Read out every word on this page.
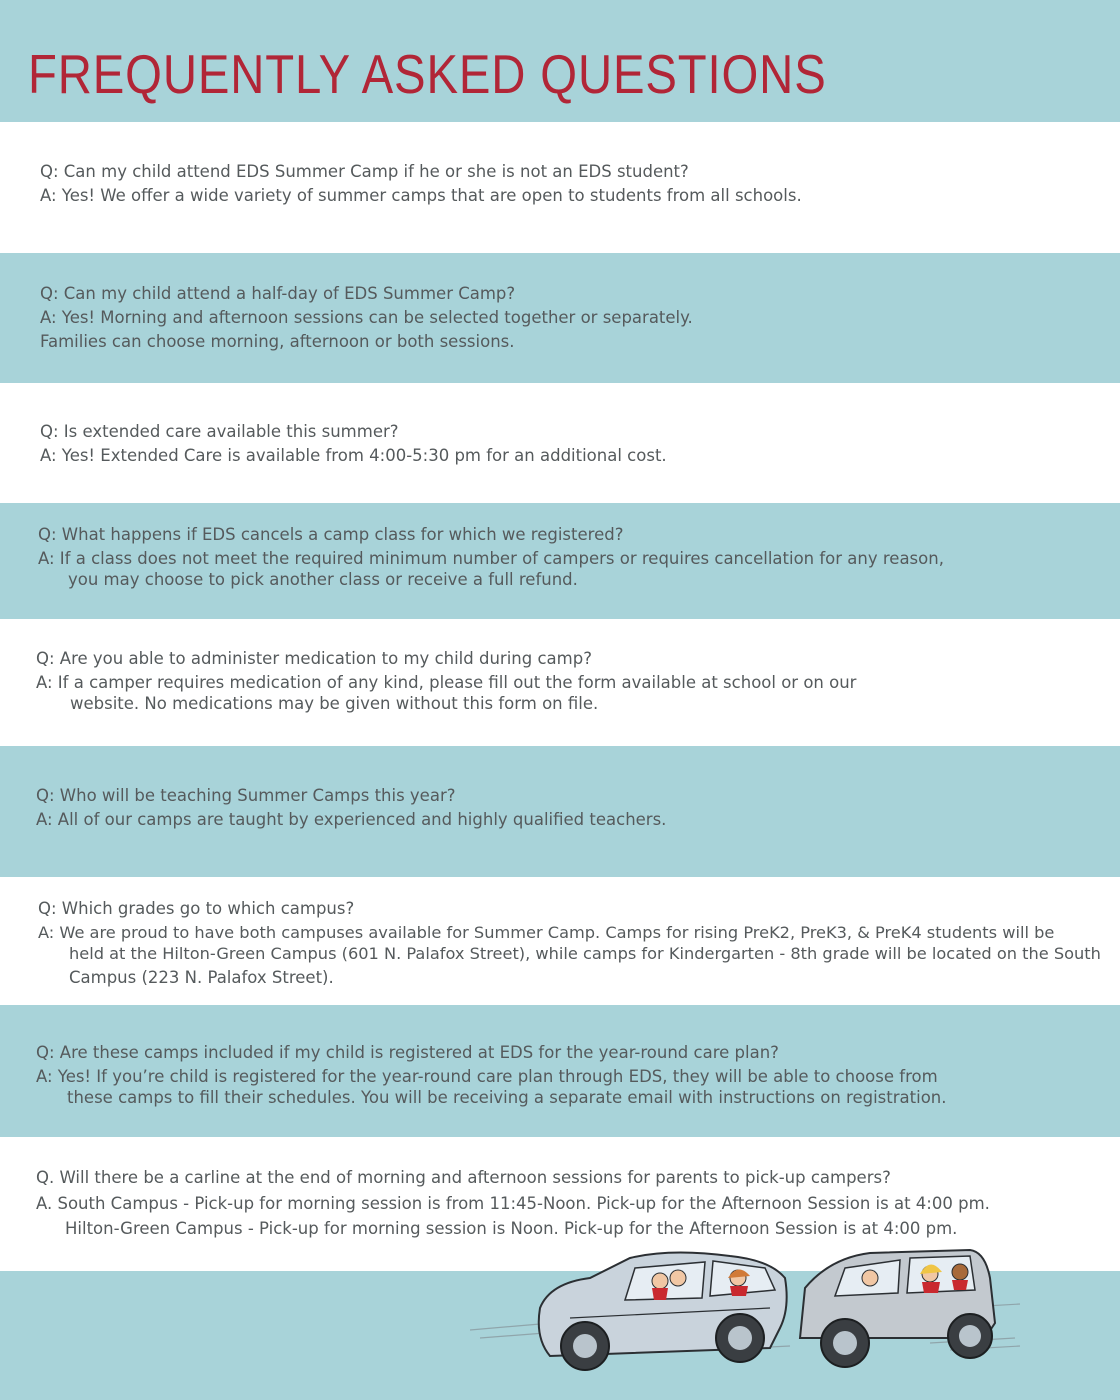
FREQUENTLY ASKED QUESTIONS
Q: Can my child attend EDS Summer Camp if he or she is not an EDS student?
A: Yes! We offer a wide variety of summer camps that are open to students from all schools.
Q: Can my child attend a half-day of EDS Summer Camp?
A: Yes! Morning and afternoon sessions can be selected together or separately.
Families can choose morning, afternoon or both sessions.
Q: Is extended care available this summer?
A: Yes! Extended Care is available from 4:00-5:30 pm for an additional cost.
Q: What happens if EDS cancels a camp class for which we registered?
A: If a class does not meet the required minimum number of campers or requires cancellation for any reason,
you may choose to pick another class or receive a full refund.
Q: Are you able to administer medication to my child during camp?
A: If a camper requires medication of any kind, please fill out the form available at school or on our
website. No medications may be given without this form on file.
Q: Who will be teaching Summer Camps this year?
A: All of our camps are taught by experienced and highly qualified teachers.
Q: Which grades go to which campus?
A: We are proud to have both campuses available for Summer Camp. Camps for rising PreK2, PreK3, & PreK4 students will be
held at the Hilton-Green Campus (601 N. Palafox Street), while camps for Kindergarten - 8th grade will be located on the South
Campus (223 N. Palafox Street).
Q: Are these camps included if my child is registered at EDS for the year-round care plan?
A: Yes! If you’re child is registered for the year-round care plan through EDS, they will be able to choose from
these camps to fill their schedules. You will be receiving a separate email with instructions on registration.
Q. Will there be a carline at the end of morning and afternoon sessions for parents to pick-up campers?
A. South Campus - Pick-up for morning session is from 11:45-Noon. Pick-up for the Afternoon Session is at 4:00 pm.
Hilton-Green Campus - Pick-up for morning session is Noon. Pick-up for the Afternoon Session is at 4:00 pm.
